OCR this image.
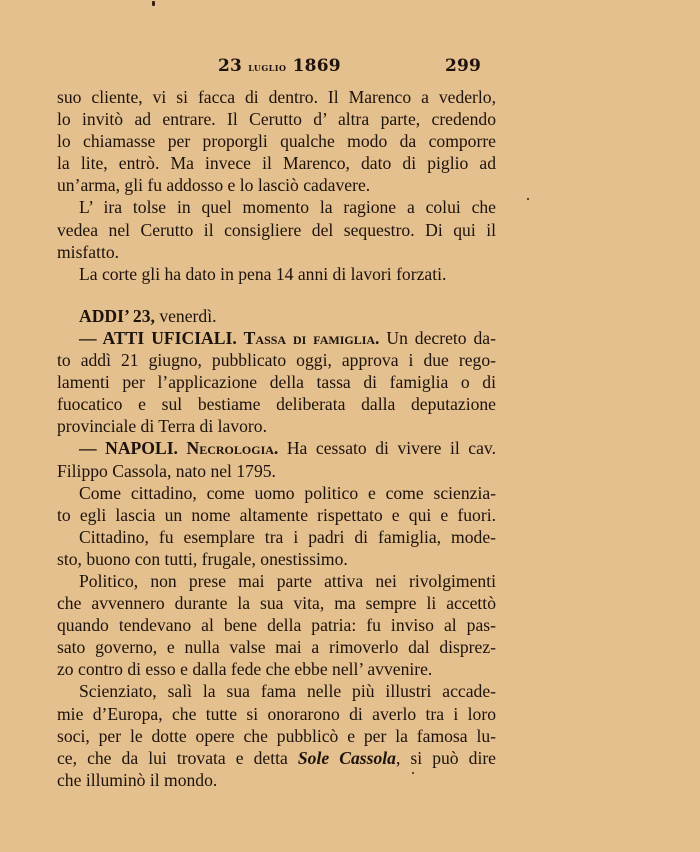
23 luglio 1869	299
suo cliente, vi si facca di dentro. Il Marenco a vederlo,
lo invitò ad entrare. Il Cerutto d’ altra parte, credendo
lo chiamasse per proporgli qualche modo da comporre
la lite, entrò. Ma invece il Marenco, dato di piglio ad
un’arma, gli fu addosso e lo lasciò cadavere.
L’ ira tolse in quel momento la ragione a colui che
vedea nel Cerutto il consigliere del sequestro. Di qui il
misfatto.
La corte gli ha dato in pena 14 anni di lavori forzati.
ADDI’ 23, venerdì.
— ATTI UFICIALI. Tassa di famiglia. Un decreto da-
to addì 21 giugno, pubblicato oggi, approva i due rego-
lamenti per l’applicazione della tassa di famiglia o di
fuocatico e sul bestiame deliberata dalla deputazione
provinciale di Terra di lavoro.
— NAPOLI. Necrologia. Ha cessato di vivere il cav.
Filippo Cassola, nato nel 1795.
Come cittadino, come uomo politico e come scienzia-
to egli lascia un nome altamente rispettato e qui e fuori.
Cittadino, fu esemplare tra i padri di famiglia, mode-
sto, buono con tutti, frugale, onestissimo.
Politico, non prese mai parte attiva nei rivolgimenti
che avvennero durante la sua vita, ma sempre li accettò
quando tendevano al bene della patria: fu inviso al pas-
sato governo, e nulla valse mai a rimoverlo dal disprez-
zo contro di esso e dalla fede che ebbe nell’ avvenire.
Scienziato, salì la sua fama nelle più illustri accade-
mie d’Europa, che tutte si onorarono di averlo tra i loro
soci, per le dotte opere che pubblicò e per la famosa lu-
ce, che da lui trovata e detta Sole Cassola, si può dire
che illuminò il mondo.
